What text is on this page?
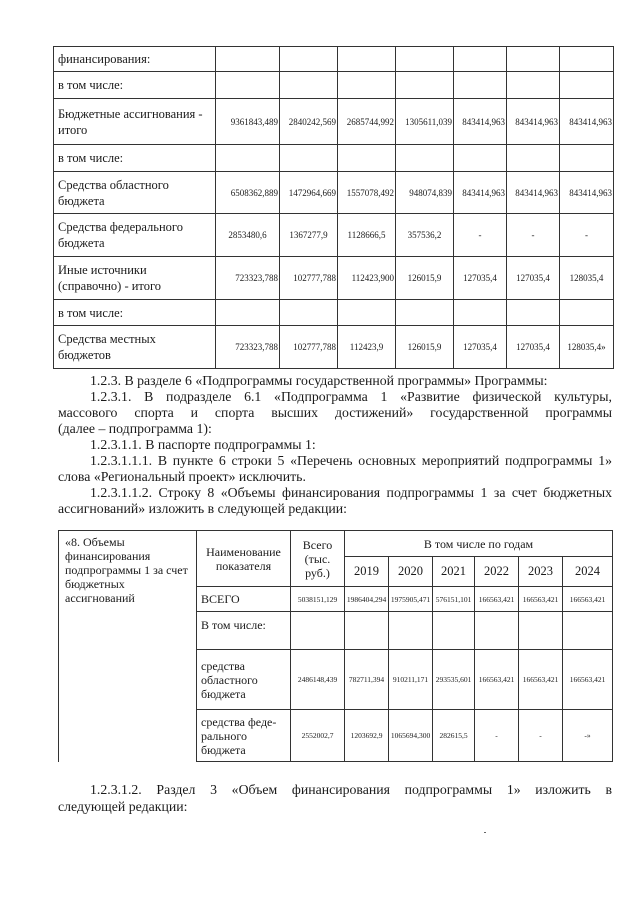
финансирования:							
в том числе:							
Бюджетные ассигнования - итого	9361843,489	2840242,569	2685744,992	1305611,039	843414,963	843414,963	843414,963
в том числе:							
Средства областного бюджета	6508362,889	1472964,669	1557078,492	948074,839	843414,963	843414,963	843414,963
Средства федерального бюджета	2853480,6	1367277,9	1128666,5	357536,2	-	-	-
Иные источники (справочно) - итого	723323,788	102777,788	112423,900	126015,9	127035,4	127035,4	128035,4
в том числе:							
Средства местных бюджетов	723323,788	102777,788	112423,9	126015,9	127035,4	127035,4	128035,4»
1.2.3. В разделе 6 «Подпрограммы государственной программы» Программы:
1.2.3.1. В подразделе 6.1 «Подпрограмма 1 «Развитие физической культуры,
массового спорта и спорта высших достижений» государственной программы
(далее – подпрограмма 1):
1.2.3.1.1. В паспорте подпрограммы 1:
1.2.3.1.1.1. В пункте 6 строки 5 «Перечень основных мероприятий подпрограммы 1»
слова «Региональный проект» исключить.
1.2.3.1.1.2. Строку 8 «Объемы финансирования подпрограммы 1 за счет бюджетных
ассигнований» изложить в следующей редакции:
«8. Объемы финансирования подпрограммы 1 за счет бюджетных ассигнований	Наименование показателя	Всего (тыс. руб.)	В том числе по годам					
			2019	2020	2021	2022	2023	2024
	ВСЕГО	5038151,129	1986404,294	1975905,471	576151,101	166563,421	166563,421	166563,421
	В том числе:							
	средства областного бюджета	2486148,439	782711,394	910211,171	293535,601	166563,421	166563,421	166563,421
	средства феде-рального бюджета	2552002,7	1203692,9	1065694,300	282615,5	-	-	-»
1.2.3.1.2. Раздел 3 «Объем финансирования подпрограммы 1» изложить в
следующей редакции:
